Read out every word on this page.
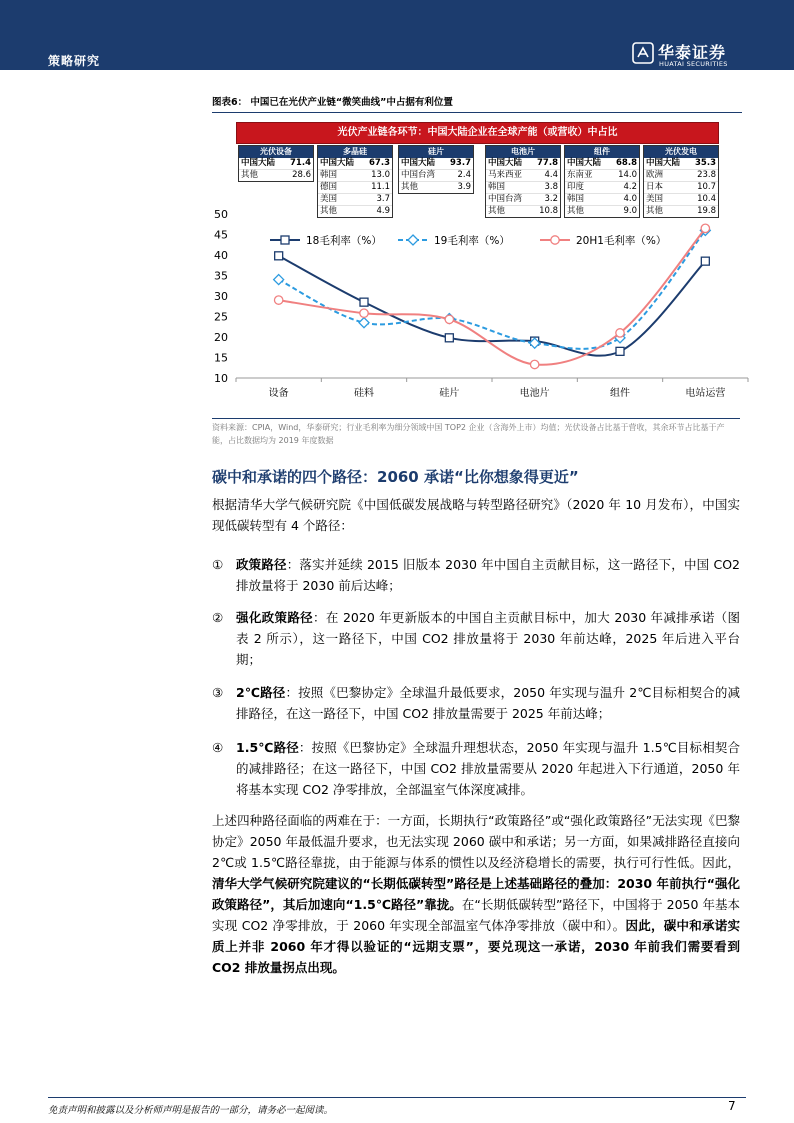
策略研究	华泰证券
HUATAI SECURITIES
图表6： 中国已在光伏产业链“微笑曲线”中占据有利位置
光伏产业链各环节：中国大陆企业在全球产能（或营收）中占比
光伏设备
中国大陆 71.4
其他	28.6
多晶硅
中国大陆 67.3
韩国	13.0
德国	11.1
美国	3.7
其他	4.9
硅片
中国大陆 93.7
中国台湾	2.4
其他	3.9
电池片
中国大陆 77.8
马来西亚	4.4
韩国	3.8
中国台湾	3.2
其他	10.8
组件
中国大陆 68.8
东南亚	14.0
印度	4.2
韩国	4.0
其他	9.0
光伏发电
中国大陆 35.3
欧洲	23.8
日本	10.7
美国	10.4
其他	19.8
50
45
40
35
30
25
20
15
10
设备	硅料	硅片	电池片	组件	电站运营
18毛利率（%）	19毛利率（%）	20H1毛利率（%）
资料来源：CPIA，Wind，华泰研究；行业毛利率为细分领域中国 TOP2 企业（含海外上市）均值；光伏设备占比基于营收，其余环节占比基于产能，占比数据均为 2019 年度数据
碳中和承诺的四个路径：2060 承诺“比你想象得更近”
根据清华大学气候研究院《中国低碳发展战略与转型路径研究》（2020 年 10 月发布），中国实现低碳转型有 4 个路径：
① 政策路径：落实并延续 2015 旧版本 2030 年中国自主贡献目标，这一路径下，中国 CO2 排放量将于 2030 前后达峰；
② 强化政策路径：在 2020 年更新版本的中国自主贡献目标中，加大 2030 年减排承诺（图表 2 所示），这一路径下，中国 CO2 排放量将于 2030 年前达峰，2025 年后进入平台期；
③ 2℃路径：按照《巴黎协定》全球温升最低要求，2050 年实现与温升 2℃目标相契合的减排路径，在这一路径下，中国 CO2 排放量需要于 2025 年前达峰；
④ 1.5℃路径：按照《巴黎协定》全球温升理想状态，2050 年实现与温升 1.5℃目标相契合的减排路径；在这一路径下，中国 CO2 排放量需要从 2020 年起进入下行通道，2050 年将基本实现 CO2 净零排放，全部温室气体深度减排。
上述四种路径面临的两难在于：一方面，长期执行“政策路径”或“强化政策路径”无法实现《巴黎协定》2050 年最低温升要求，也无法实现 2060 碳中和承诺；另一方面，如果减排路径直接向 2℃或 1.5℃路径靠拢，由于能源与体系的惯性以及经济稳增长的需要，执行可行性低。因此，清华大学气候研究院建议的“长期低碳转型”路径是上述基础路径的叠加：2030 年前执行“强化政策路径”，其后加速向“1.5℃路径”靠拢。在“长期低碳转型”路径下，中国将于 2050 年基本实现 CO2 净零排放，于 2060 年实现全部温室气体净零排放（碳中和）。因此，碳中和承诺实质上并非 2060 年才得以验证的“远期支票”，要兑现这一承诺，2030 年前我们需要看到 CO2 排放量拐点出现。
免责声明和披露以及分析师声明是报告的一部分，请务必一起阅读。	7
